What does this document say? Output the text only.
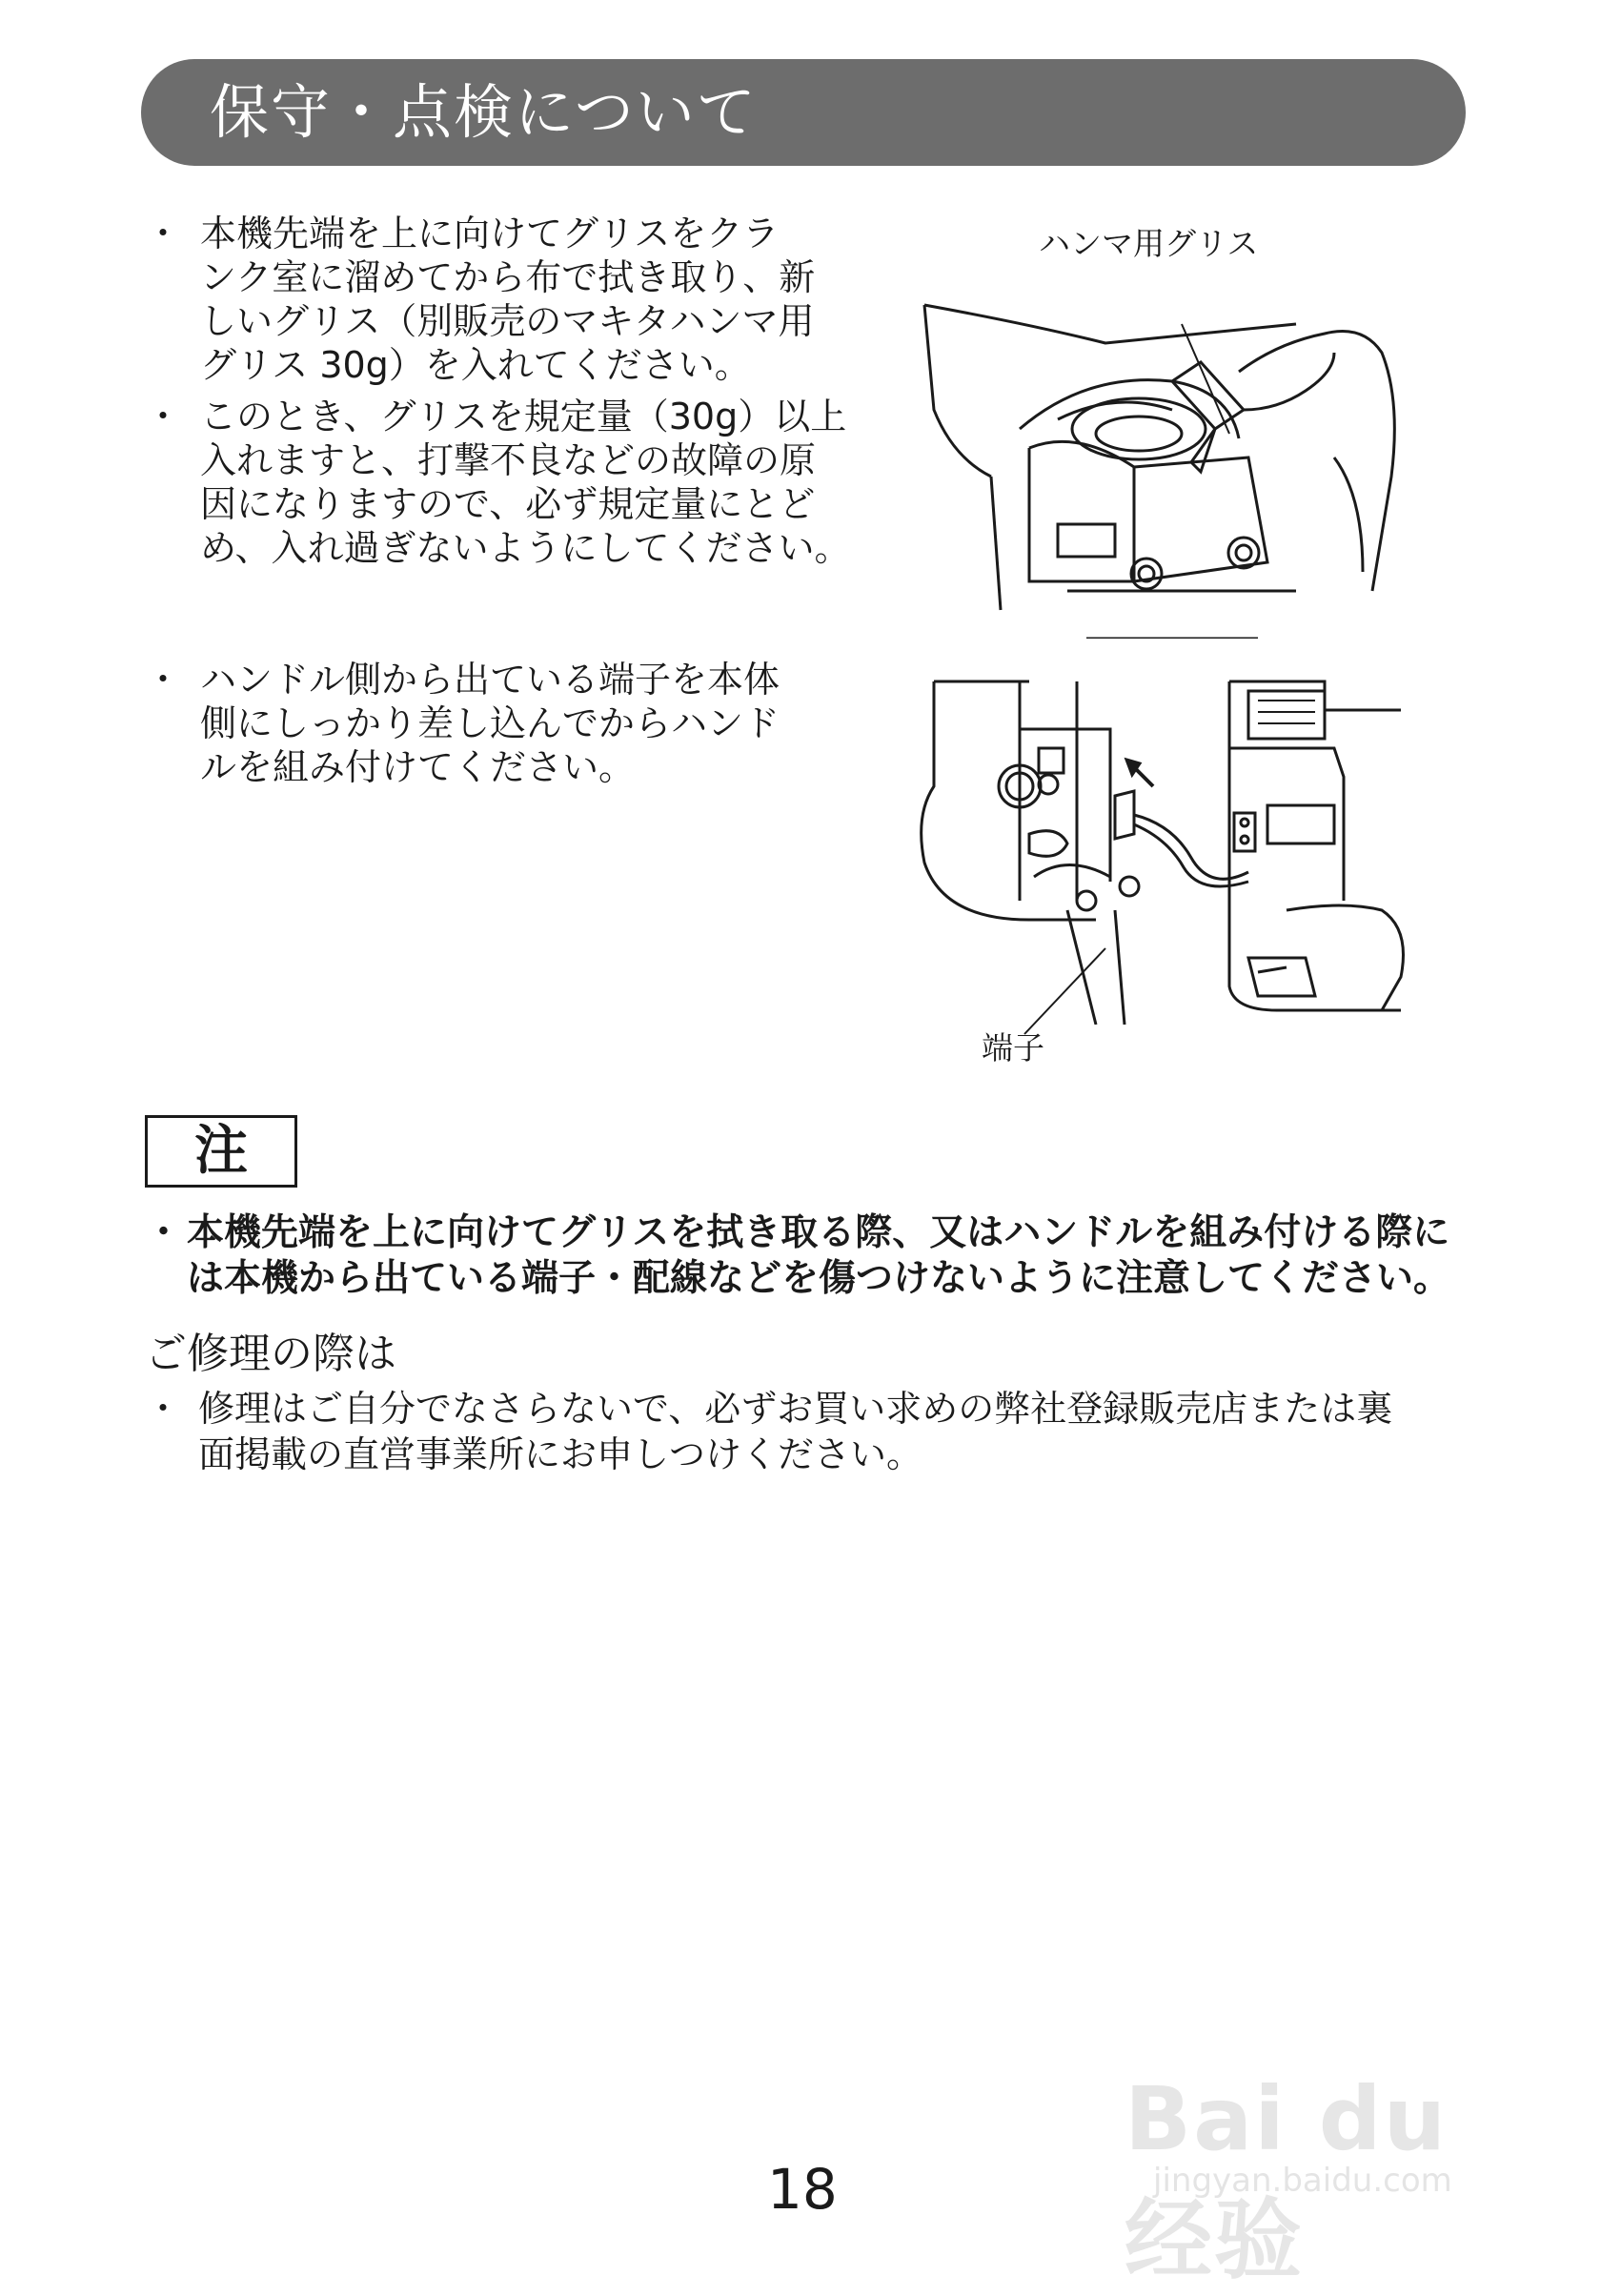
保守・点検について
・ 本機先端を上に向けてグリスをクラ
ンク室に溜めてから布で拭き取り、新
しいグリス（別販売のマキタハンマ用
グリス 30g）を入れてください。
・ このとき、グリスを規定量（30g）以上
入れますと、打撃不良などの故障の原
因になりますので、必ず規定量にとど
め、入れ過ぎないようにしてください。
ハンマ用グリス
・ ハンドル側から出ている端子を本体
側にしっかり差し込んでからハンド
ルを組み付けてください。
端子
注
・ 本機先端を上に向けてグリスを拭き取る際、又はハンドルを組み付ける際に
は本機から出ている端子・配線などを傷つけないように注意してください。
ご修理の際は
・ 修理はご自分でなさらないで、必ずお買い求めの弊社登録販売店または裏
面掲載の直営事業所にお申しつけください。
Bai du 经验
jingyan.baidu.com
18
